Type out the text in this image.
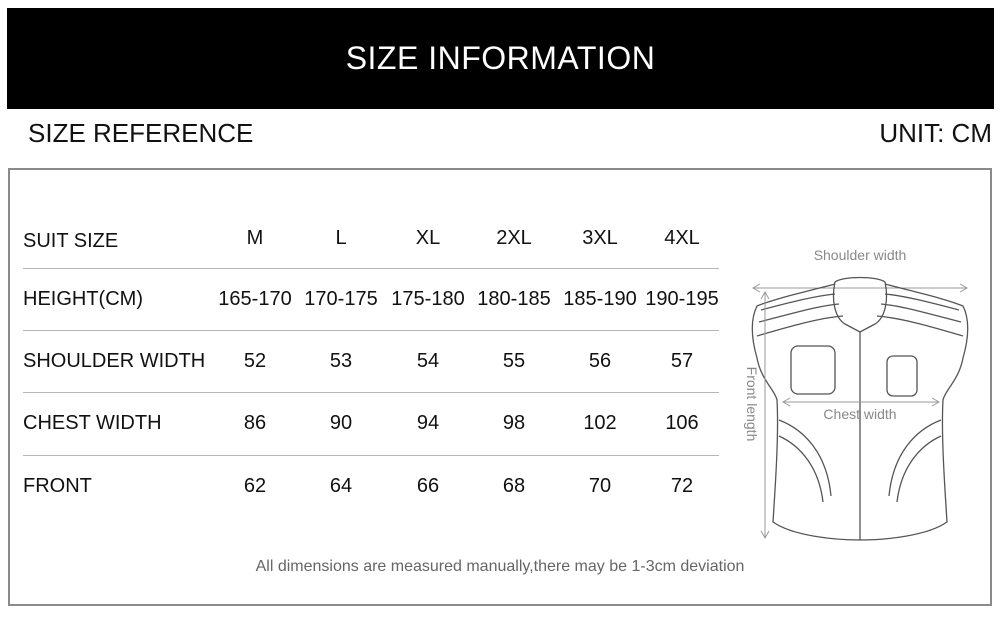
SIZE INFORMATION
SIZE REFERENCE	UNIT: CM
SUIT SIZE	M	L	XL	2XL	3XL 4XL
HEIGHT(CM)	165-170 170-175 175-180 180-185 185-190 190-195
SHOULDER WIDTH 52	53	54	55	56	57
CHEST WIDTH	86	90	94	98	102 106
FRONT	62	64	66	68	70	72
Shoulder width
Chest width
Front length
All dimensions are measured manually,there may be 1-3cm deviation
